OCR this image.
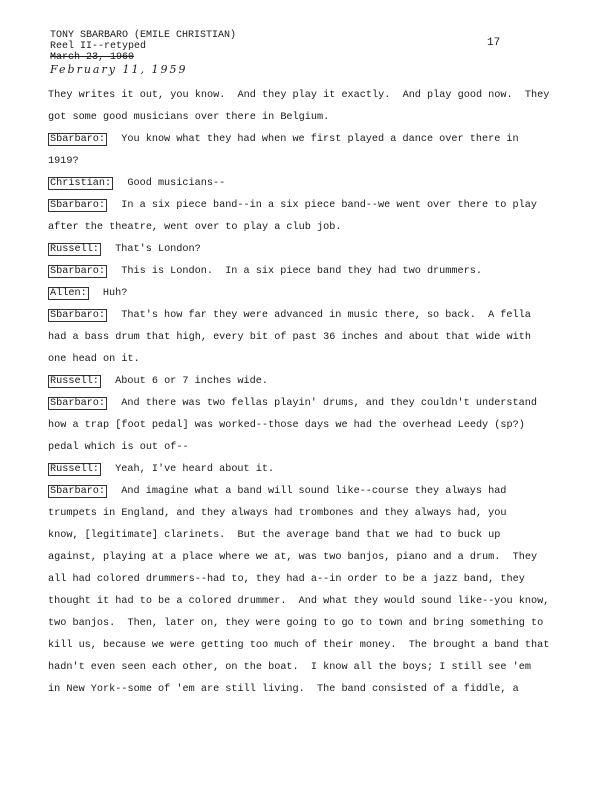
TONY SBARBARO (EMILE CHRISTIAN)
Reel II--retyped
March 23, 1960
February 11, 1959
17
They writes it out, you know.  And they play it exactly.  And play good now.  They
got some good musicians over there in Belgium.
Sbarbaro: You know what they had when we first played a dance over there in
1919?
Christian: Good musicians--
Sbarbaro: In a six piece band--in a six piece band--we went over there to play
after the theatre, went over to play a club job.
Russell: That's London?
Sbarbaro: This is London.  In a six piece band they had two drummers.
Allen: Huh?
Sbarbaro: That's how far they were advanced in music there, so back.  A fella
had a bass drum that high, every bit of past 36 inches and about that wide with
one head on it.
Russell: About 6 or 7 inches wide.
Sbarbaro: And there was two fellas playin' drums, and they couldn't understand
how a trap [foot pedal] was worked--those days we had the overhead Leedy (sp?)
pedal which is out of--
Russell: Yeah, I've heard about it.
Sbarbaro: And imagine what a band will sound like--course they always had
trumpets in England, and they always had trombones and they always had, you
know, [legitimate] clarinets.  But the average band that we had to buck up
against, playing at a place where we at, was two banjos, piano and a drum.  They
all had colored drummers--had to, they had a--in order to be a jazz band, they
thought it had to be a colored drummer.  And what they would sound like--you know,
two banjos.  Then, later on, they were going to go to town and bring something to
kill us, because we were getting too much of their money.  The brought a band that
hadn't even seen each other, on the boat.  I know all the boys; I still see 'em
in New York--some of 'em are still living.  The band consisted of a fiddle, a
